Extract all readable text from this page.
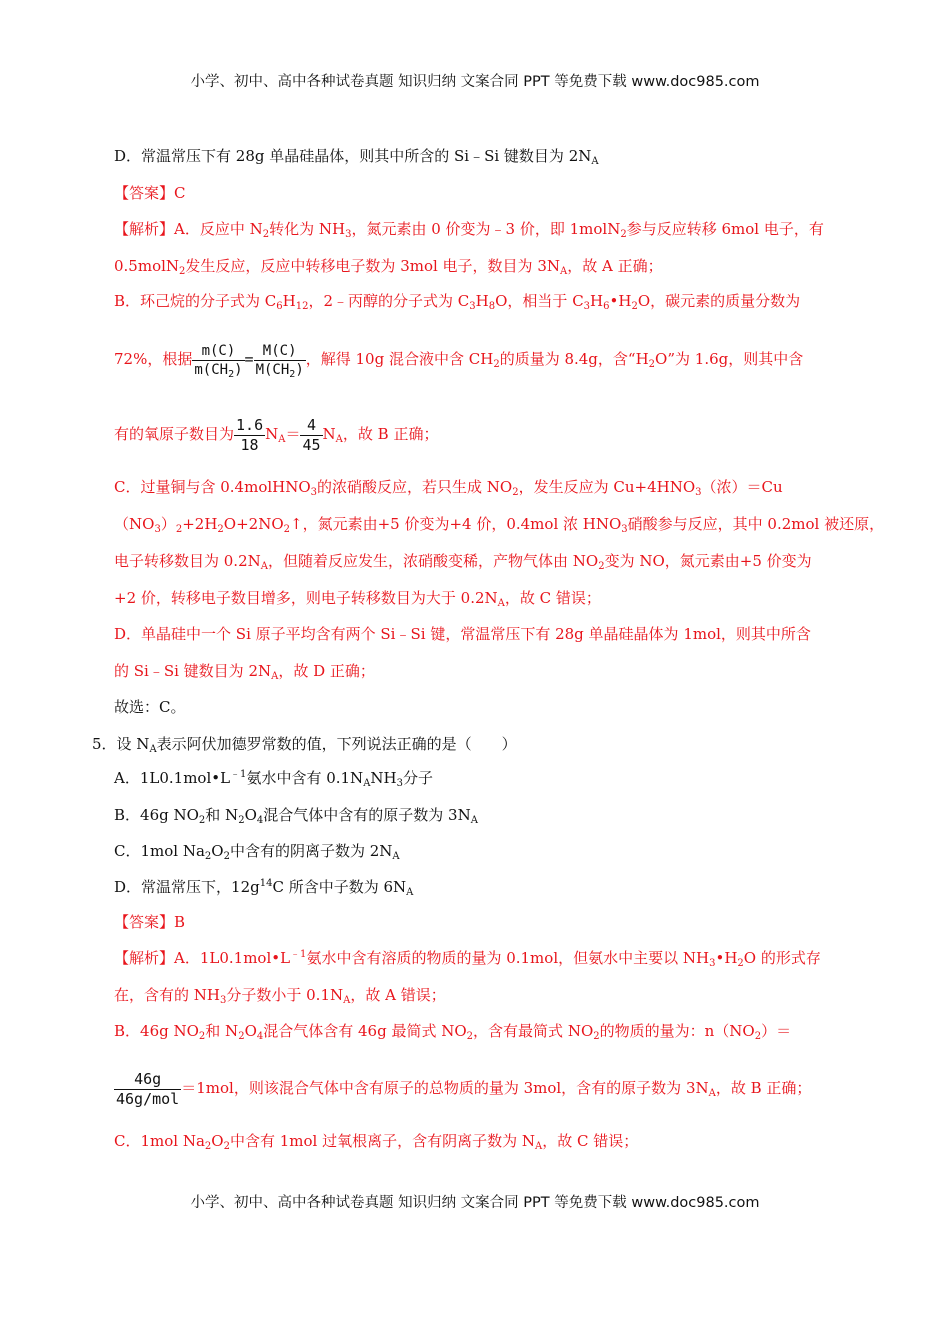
小学、初中、高中各种试卷真题 知识归纳 文案合同 PPT 等免费下载 www.doc985.com
D．常温常压下有 28g 单晶硅晶体，则其中所含的 Si﹣Si 键数目为 $2N_A$
【答案】C
【解析】A．反应中 $N_2$转化为 $NH_3$，氮元素由 0 价变为﹣3 价，即 1molN$_2$参与反应转移 6mol 电子，有
0.5molN$_2$发生反应，反应中转移电子数为 3mol 电子，数目为 $3N_A$，故 A 正确；
B．环己烷的分子式为 $C_6H_{12}$，2﹣丙醇的分子式为 $C_3H_8O$，相当于 $C_3H_6•H_2O$，碳元素的质量分数为
72%，根据 $\frac{m(C)}{m(CH_2)} = \frac{M(C)}{M(CH_2)}$ ，解得 10g 混合液中含 $CH_2$的质量为 8.4g，含“$H_2O$”为 1.6g，则其中含
有的氧原子数目为 $\frac{1.6}{18} N_A= \frac{4}{45} N_A$，故 B 正确；
C．过量铜与含 0.4molHNO$_3$的浓硝酸反应，若只生成 $NO_2$，发生反应为 $Cu+4HNO_3$（浓）＝Cu
$(NO_3)_2+2H_2O+2NO_2↑$，氮元素由+5 价变为+4 价，0.4mol 浓 $HNO_3$硝酸参与反应，其中 0.2mol 被还原，
电子转移数目为 $0.2N_A$，但随着反应发生，浓硝酸变稀，产物气体由 $NO_2$变为 NO，氮元素由+5 价变为
+2 价，转移电子数目增多，则电子转移数目为大于 $0.2N_A$，故 C 错误；
D．单晶硅中一个 Si 原子平均含有两个 Si﹣Si 键，常温常压下有 28g 单晶硅晶体为 1mol，则其中所含
的 Si﹣Si 键数目为 $2N_A$，故 D 正确；
故选：C。
5．设 $N_A$表示阿伏加德罗常数的值，下列说法正确的是（　　）
A．$1L0.1mol•L^{﹣1}$氨水中含有 $0.1N_ANH_3$分子
B．46g $NO_2$和 $N_2O_4$混合气体中含有的原子数为 $3N_A$
C．1mol $Na_2O_2$中含有的阴离子数为 $2N_A$
D．常温常压下，$12g^{14}C$ 所含中子数为 $6N_A$
【答案】B
【解析】A．$1L0.1mol•L^{﹣1}$氨水中含有溶质的物质的量为 0.1mol，但氨水中主要以 $NH_3•H_2O$ 的形式存
在，含有的 $NH_3$分子数小于 $0.1N_A$，故 A 错误；
B．46g $NO_2$和 $N_2O_4$混合气体含有 46g 最简式 $NO_2$，含有最简式 $NO_2$的物质的量为：$n(NO_2)=$
$\frac{46g}{\text{46g/mol}} =1mol$，则该混合气体中含有原子的总物质的量为 3mol，含有的原子数为 $3N_A$，故 B 正确；
C．1mol $Na_2O_2$中含有 1mol 过氧根离子，含有阴离子数为 $N_A$，故 C 错误；
小学、初中、高中各种试卷真题 知识归纳 文案合同 PPT 等免费下载 www.doc985.com
